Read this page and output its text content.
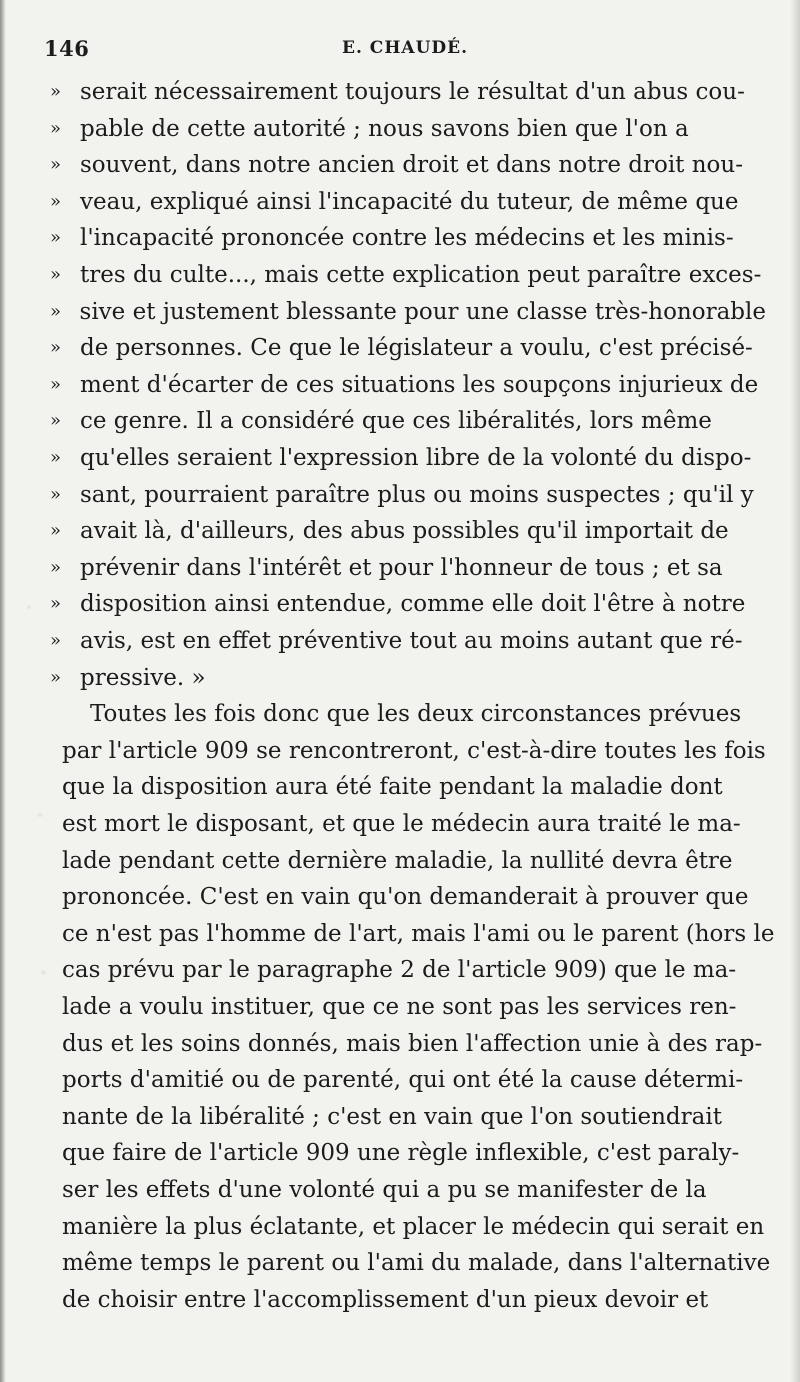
146	E. CHAUDÉ.
» serait nécessairement toujours le résultat d'un abus cou-
» pable de cette autorité ; nous savons bien que l'on a
» souvent, dans notre ancien droit et dans notre droit nou-
» veau, expliqué ainsi l'incapacité du tuteur, de même que
» l'incapacité prononcée contre les médecins et les minis-
» tres du culte..., mais cette explication peut paraître exces-
» sive et justement blessante pour une classe très-honorable
» de personnes. Ce que le législateur a voulu, c'est précisé-
» ment d'écarter de ces situations les soupçons injurieux de
» ce genre. Il a considéré que ces libéralités, lors même
» qu'elles seraient l'expression libre de la volonté du dispo-
» sant, pourraient paraître plus ou moins suspectes ; qu'il y
» avait là, d'ailleurs, des abus possibles qu'il importait de
» prévenir dans l'intérêt et pour l'honneur de tous ; et sa
» disposition ainsi entendue, comme elle doit l'être à notre
» avis, est en effet préventive tout au moins autant que ré-
» pressive. »
Toutes les fois donc que les deux circonstances prévues
par l'article 909 se rencontreront, c'est-à-dire toutes les fois
que la disposition aura été faite pendant la maladie dont
est mort le disposant, et que le médecin aura traité le ma-
lade pendant cette dernière maladie, la nullité devra être
prononcée. C'est en vain qu'on demanderait à prouver que
ce n'est pas l'homme de l'art, mais l'ami ou le parent (hors le
cas prévu par le paragraphe 2 de l'article 909) que le ma-
lade a voulu instituer, que ce ne sont pas les services ren-
dus et les soins donnés, mais bien l'affection unie à des rap-
ports d'amitié ou de parenté, qui ont été la cause détermi-
nante de la libéralité ; c'est en vain que l'on soutiendrait
que faire de l'article 909 une règle inflexible, c'est paraly-
ser les effets d'une volonté qui a pu se manifester de la
manière la plus éclatante, et placer le médecin qui serait en
même temps le parent ou l'ami du malade, dans l'alternative
de choisir entre l'accomplissement d'un pieux devoir et
